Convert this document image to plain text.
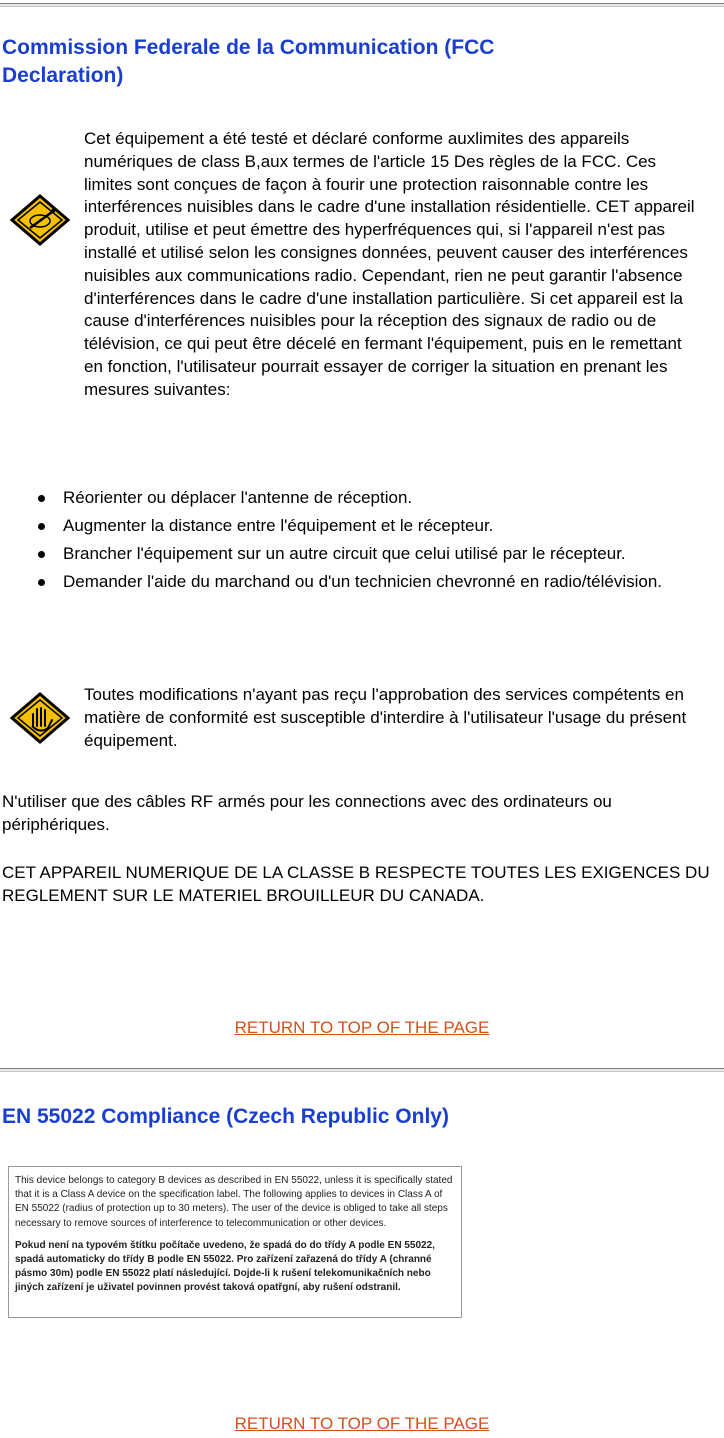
Commission Federale de la Communication (FCC Declaration)

Cet équipement a été testé et déclaré conforme auxlimites des appareils numériques de class B,aux termes de l'article 15 Des règles de la FCC. Ces limites sont conçues de façon à fourir une protection raisonnable contre les interférences nuisibles dans le cadre d'une installation résidentielle. CET appareil produit, utilise et peut émettre des hyperfréquences qui, si l'appareil n'est pas installé et utilisé selon les consignes données, peuvent causer des interférences nuisibles aux communications radio. Cependant, rien ne peut garantir l'absence d'interférences dans le cadre d'une installation particulière. Si cet appareil est la cause d'interférences nuisibles pour la réception des signaux de radio ou de télévision, ce qui peut être décelé en fermant l'équipement, puis en le remettant en fonction, l'utilisateur pourrait essayer de corriger la situation en prenant les mesures suivantes:

Réorienter ou déplacer l'antenne de réception.
Augmenter la distance entre l'équipement et le récepteur.
Brancher l'équipement sur un autre circuit que celui utilisé par le récepteur.
Demander l'aide du marchand ou d'un technicien chevronné en radio/télévision.

Toutes modifications n'ayant pas reçu l'approbation des services compétents en matière de conformité est susceptible d'interdire à l'utilisateur l'usage du présent équipement.

N'utiliser que des câbles RF armés pour les connections avec des ordinateurs ou périphériques.

CET APPAREIL NUMERIQUE DE LA CLASSE B RESPECTE TOUTES LES EXIGENCES DU REGLEMENT SUR LE MATERIEL BROUILLEUR DU CANADA.

RETURN TO TOP OF THE PAGE
EN 55022 Compliance (Czech Republic Only)

This device belongs to category B devices as described in EN 55022, unless it is specifically stated that it is a Class A device on the specification label. The following applies to devices in Class A of EN 55022 (radius of protection up to 30 meters). The user of the device is obliged to take all steps necessary to remove sources of interference to telecommunication or other devices.

Pokud není na typovém štítku počítače uvedeno, že spadá do do třídy A podle EN 55022, spadá automaticky do třídy B podle EN 55022. Pro zařízení zařazená do třídy A (chranné pásmo 30m) podle EN 55022 platí následující. Dojde-li k rušení telekomunikačních nebo jiných zařízení je uživatel povinnen provést taková opatřgní, aby rušení odstranil.

RETURN TO TOP OF THE PAGE
